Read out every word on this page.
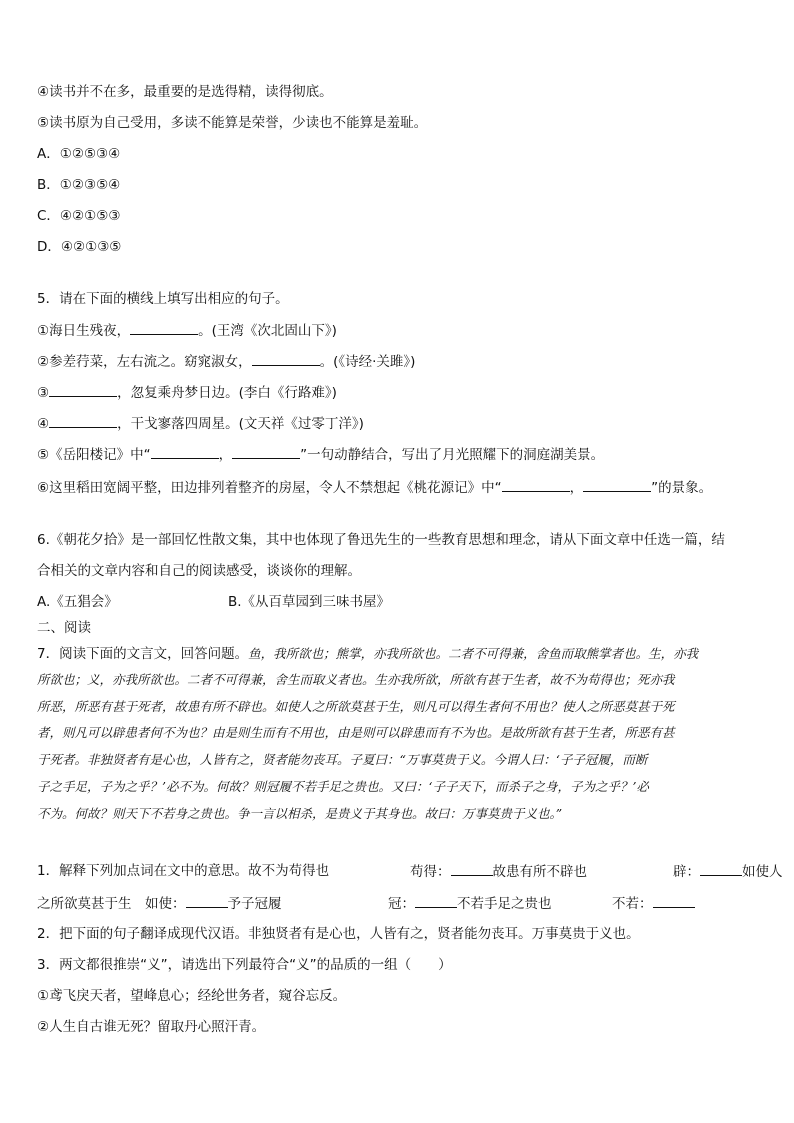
④读书并不在多，最重要的是选得精，读得彻底。
⑤读书原为自己受用，多读不能算是荣誉，少读也不能算是羞耻。
A．①②⑤③④
B．①②③⑤④
C．④②①⑤③
D．④②①③⑤
5．请在下面的横线上填写出相应的句子。
①海日生残夜，	。(王湾《次北固山下》)
②参差荇菜，左右流之。窈窕淑女，	。(《诗经·关雎》)
③	，忽复乘舟梦日边。(李白《行路难》)
④	，干戈寥落四周星。(文天祥《过零丁洋》)
⑤《岳阳楼记》中“	，	”一句动静结合，写出了月光照耀下的洞庭湖美景。
⑥这里稻田宽阔平整，田边排列着整齐的房屋，令人不禁想起《桃花源记》中“	，	”的景象。
6.《朝花夕拾》是一部回忆性散文集，其中也体现了鲁迅先生的一些教育思想和理念，请从下面文章中任选一篇，结
合相关的文章内容和自己的阅读感受，谈谈你的理解。
A.《五猖会》	B.《从百草园到三味书屋》
二、阅读
7．阅读下面的文言文，回答问题。鱼，我所欲也；熊掌，亦我所欲也。二者不可得兼，舍鱼而取熊掌者也。生，亦我
所欲也；义，亦我所欲也。二者不可得兼，舍生而取义者也。生亦我所欲，所欲有甚于生者，故不为苟得也；死亦我
所恶，所恶有甚于死者，故患有所不辟也。如使人之所欲莫甚于生，则凡可以得生者何不用也？使人之所恶莫甚于死
者，则凡可以辟患者何不为也？由是则生而有不用也，由是则可以辟患而有不为也。是故所欲有甚于生者，所恶有甚
于死者。非独贤者有是心也，人皆有之，贤者能勿丧耳。子夏曰：“万事莫贵于义。今谓人曰：‘子子冠履，而断
子之手足，子为之乎？’必不为。何故？则冠履不若手足之贵也。又曰：‘子子天下，而杀子之身，子为之乎？’必
不为。何故？则天下不若身之贵也。争一言以相杀，是贵义于其身也。故曰：万事莫贵于义也。”
1．解释下列加点词在文中的意思。故不为苟得也	苟得：	故患有所不辟也	辟：	如使人
之所欲莫甚于生　如使：	予子冠履	冠：	不若手足之贵也	不若：
2．把下面的句子翻译成现代汉语。非独贤者有是心也，人皆有之，贤者能勿丧耳。万事莫贵于义也。
3．两文都很推崇“义”，请选出下列最符合“义”的品质的一组（　　）
①鸢飞戾天者，望峰息心；经纶世务者，窥谷忘反。
②人生自古谁无死？留取丹心照汗青。
